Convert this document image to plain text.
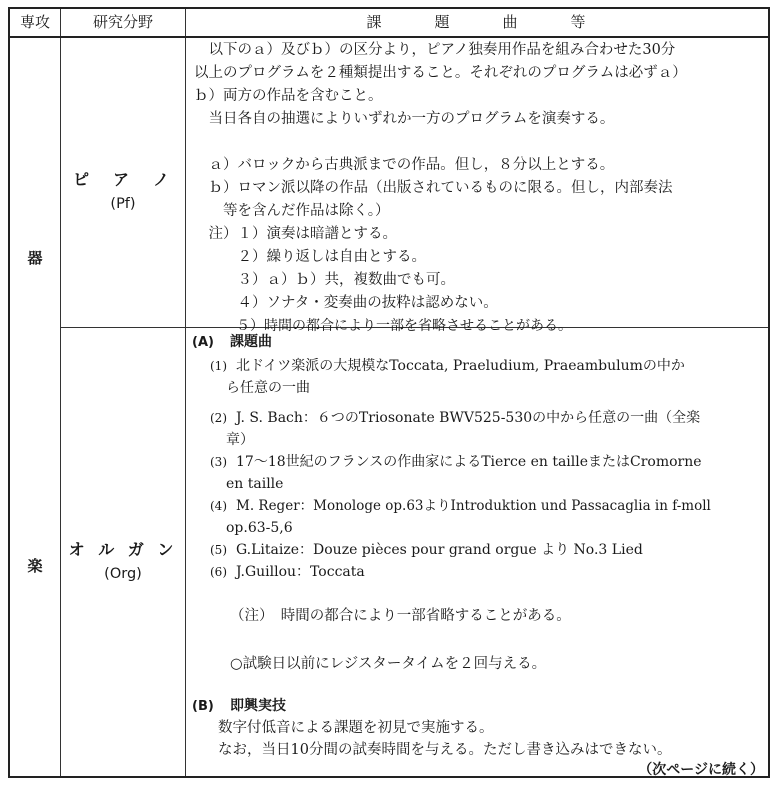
専攻	研究分野	課　　　題　　　曲　　　等
器
楽
ピ　ア　ノ
(Pf)
オ ル ガ ン
(Org)
　以下のａ）及びｂ）の区分より，ピアノ独奏用作品を組み合わせた30分
以上のプログラムを２種類提出すること。それぞれのプログラムは必ずａ）
ｂ）両方の作品を含むこと。
　当日各自の抽選によりいずれか一方のプログラムを演奏する。
　ａ）バロックから古典派までの作品。但し，８分以上とする。
　ｂ）ロマン派以降の作品（出版されているものに限る。但し，内部奏法
　　等を含んだ作品は除く。）
　注）１）演奏は暗譜とする。
　　　２）繰り返しは自由とする。
　　　３）ａ）ｂ）共，複数曲でも可。
　　　４）ソナタ・変奏曲の抜粋は認めない。
　　　５）時間の都合により一部を省略させることがある。
(A) 課題曲
(1) 北ドイツ楽派の大規模なToccata, Praeludium, Praeambulumの中か
ら任意の一曲
(2) J. S. Bach：６つのTriosonate BWV525-530の中から任意の一曲（全楽
章）
(3) 17～18世紀のフランスの作曲家によるTierce en tailleまたはCromorne
en taille
(4) M. Reger：Monologe op.63よりIntroduktion und Passacaglia in f-moll
op.63-5,6
(5) G.Litaize：Douze pièces pour grand orgue より No.3 Lied
(6) J.Guillou：Toccata
（注）　時間の都合により一部省略することがある。
○試験日以前にレジスタータイムを２回与える。
(B) 即興実技
数字付低音による課題を初見で実施する。
なお，当日10分間の試奏時間を与える。ただし書き込みはできない。
（次ページに続く）
